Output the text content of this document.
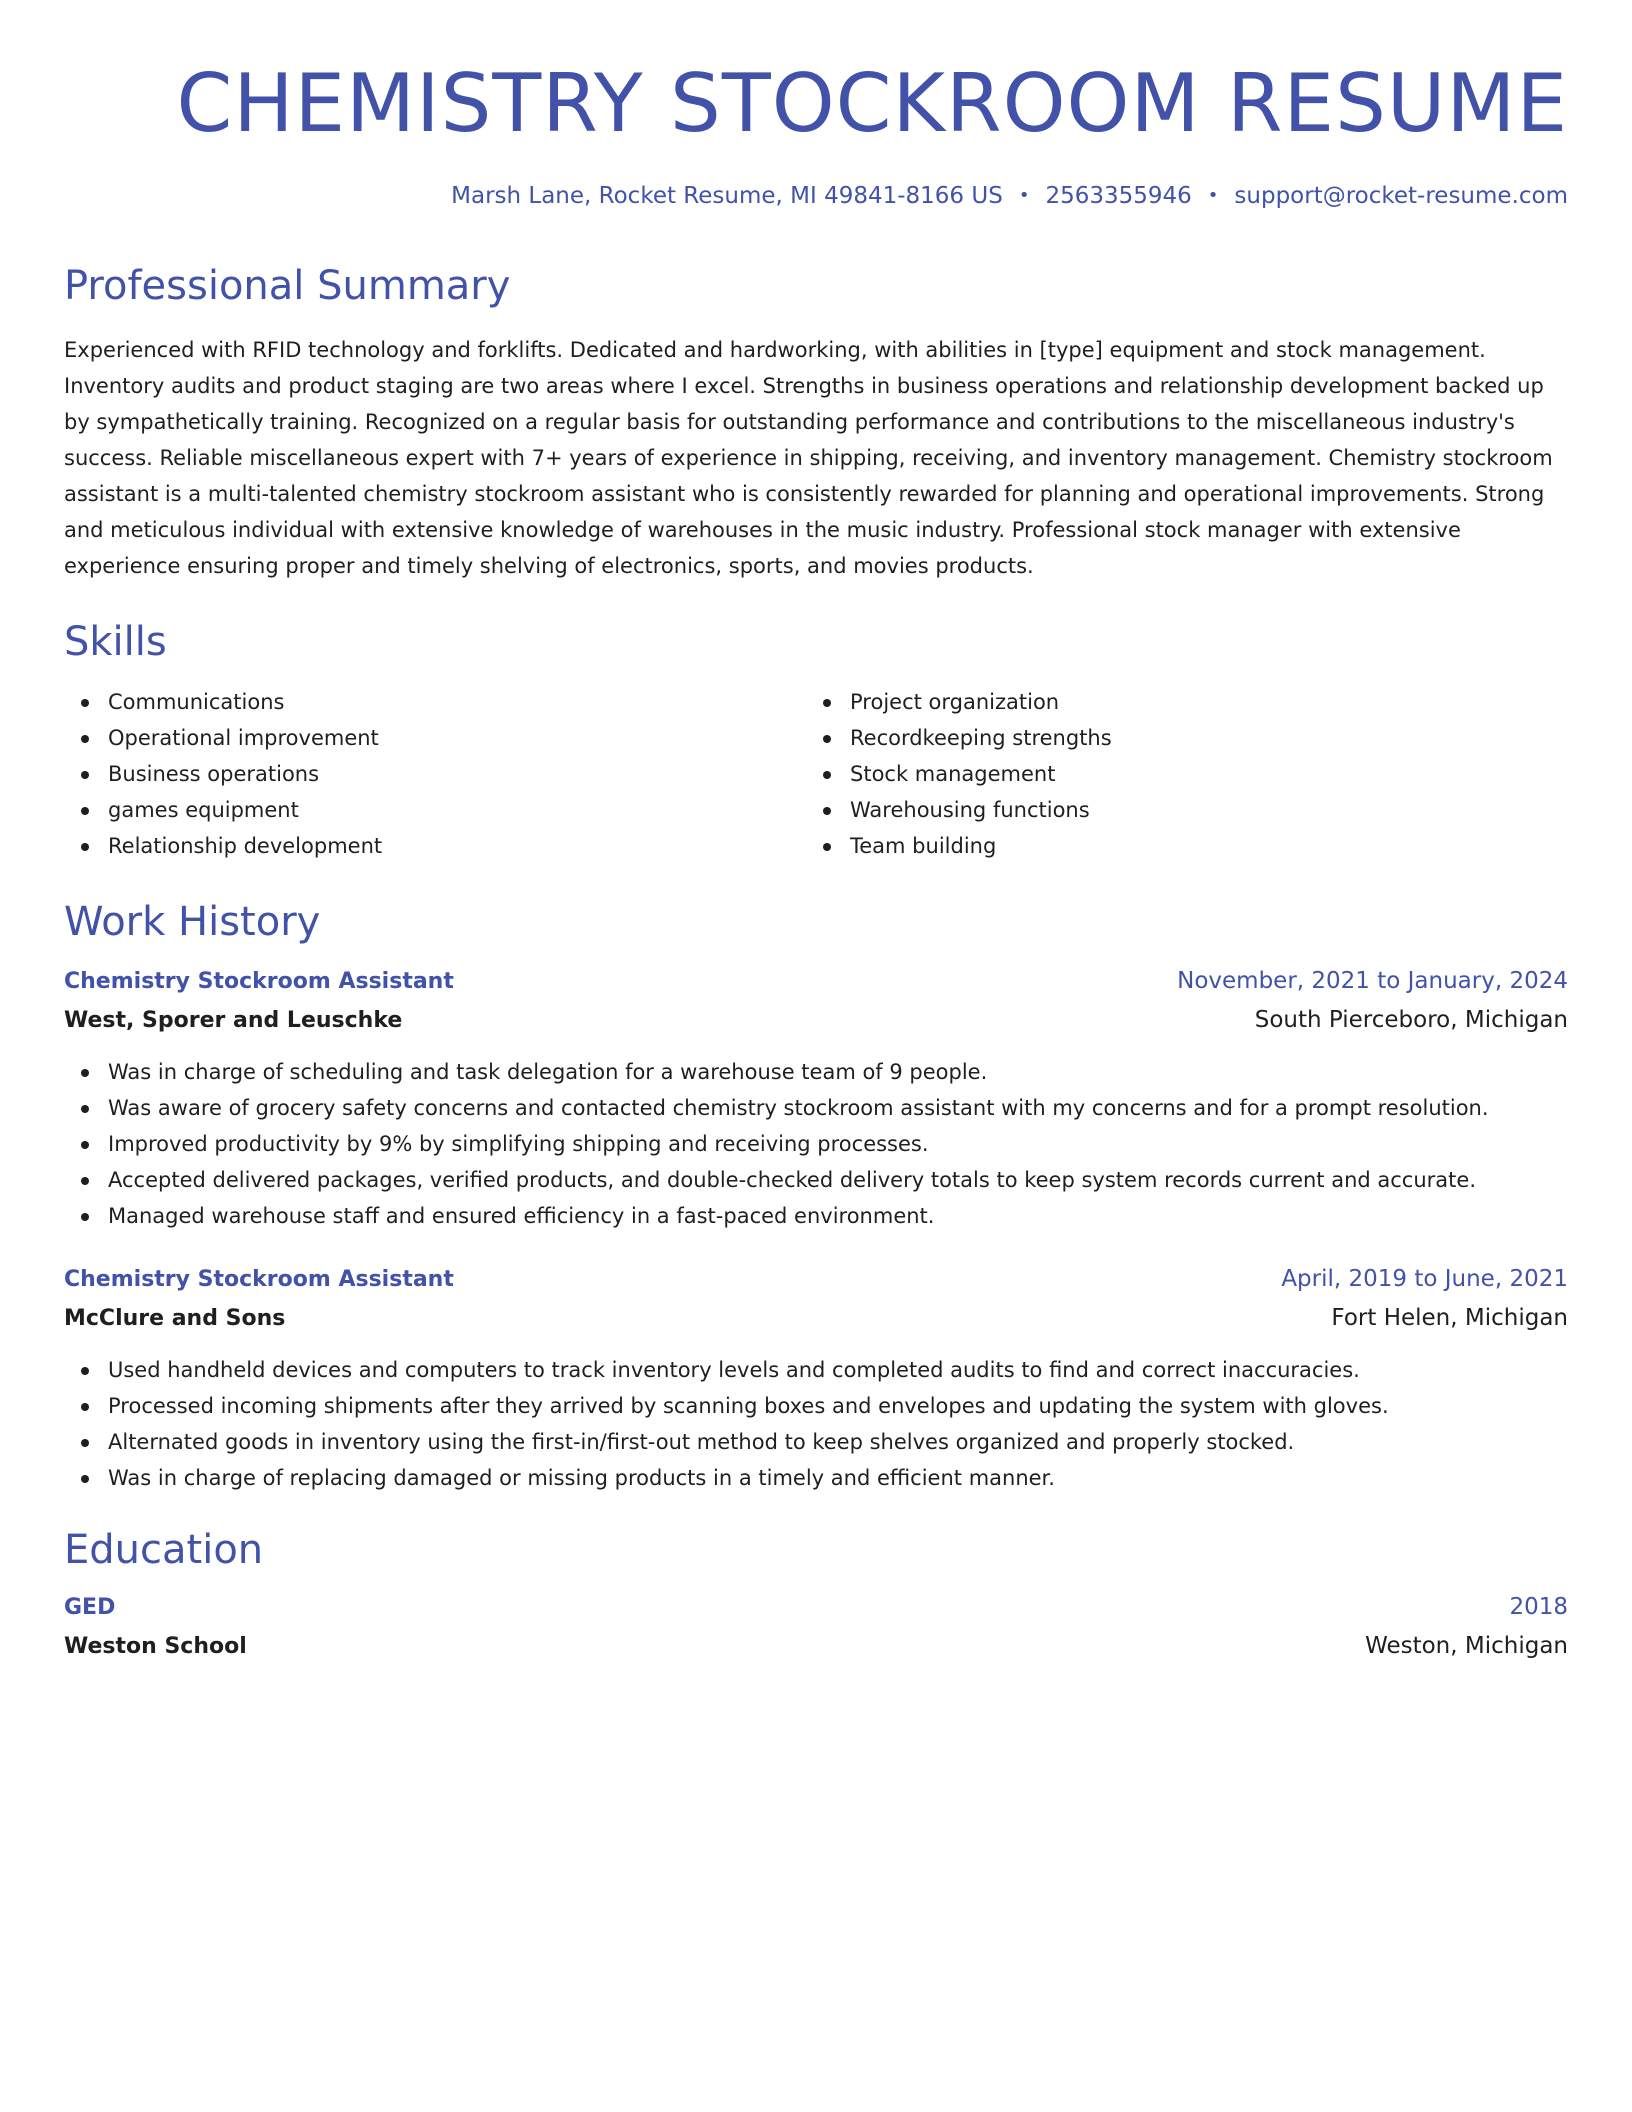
CHEMISTRY STOCKROOM RESUME
Marsh Lane, Rocket Resume, MI 49841-8166 US • 2563355946 • support@rocket-resume.com
Professional Summary

Experienced with RFID technology and forklifts. Dedicated and hardworking, with abilities in [type] equipment and stock management. Inventory audits and product staging are two areas where I excel. Strengths in business operations and relationship development backed up by sympathetically training. Recognized on a regular basis for outstanding performance and contributions to the miscellaneous industry's success. Reliable miscellaneous expert with 7+ years of experience in shipping, receiving, and inventory management. Chemistry stockroom assistant is a multi-talented chemistry stockroom assistant who is consistently rewarded for planning and operational improvements. Strong and meticulous individual with extensive knowledge of warehouses in the music industry. Professional stock manager with extensive experience ensuring proper and timely shelving of electronics, sports, and movies products.

Skills
Communications
Operational improvement
Business operations
games equipment
Relationship development
Project organization
Recordkeeping strengths
Stock management
Warehousing functions
Team building
Work History
Chemistry Stockroom Assistant	November, 2021 to January, 2024
West, Sporer and Leuschke	South Pierceboro, Michigan
Was in charge of scheduling and task delegation for a warehouse team of 9 people.
Was aware of grocery safety concerns and contacted chemistry stockroom assistant with my concerns and for a prompt resolution.
Improved productivity by 9% by simplifying shipping and receiving processes.
Accepted delivered packages, verified products, and double-checked delivery totals to keep system records current and accurate.
Managed warehouse staff and ensured efficiency in a fast-paced environment.
Chemistry Stockroom Assistant	April, 2019 to June, 2021
McClure and Sons	Fort Helen, Michigan
Used handheld devices and computers to track inventory levels and completed audits to find and correct inaccuracies.
Processed incoming shipments after they arrived by scanning boxes and envelopes and updating the system with gloves.
Alternated goods in inventory using the first-in/first-out method to keep shelves organized and properly stocked.
Was in charge of replacing damaged or missing products in a timely and efficient manner.
Education
GED	2018
Weston School	Weston, Michigan
